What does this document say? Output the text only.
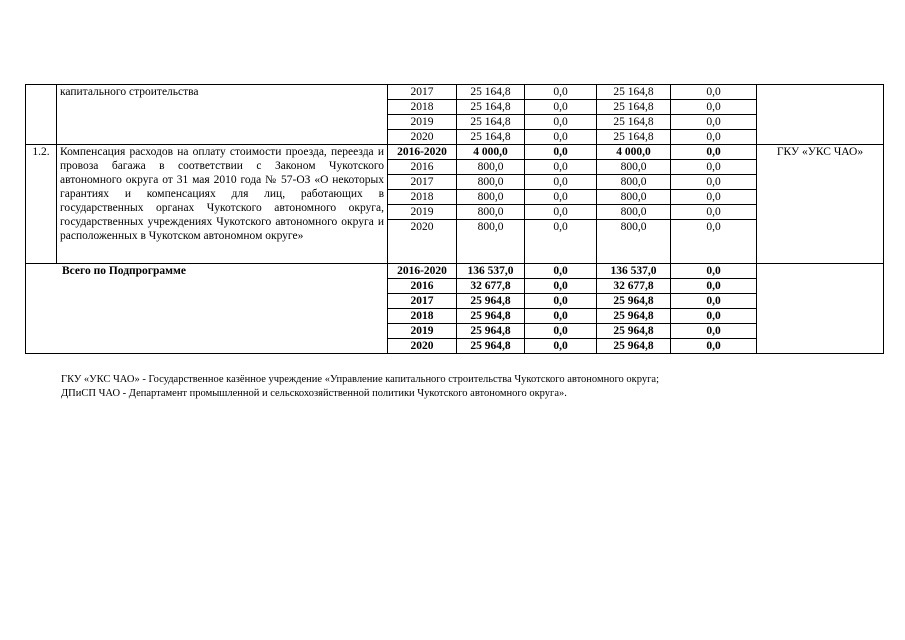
	капитального строительства	2017	25 164,8	0,0	25 164,8	0,0	
		2018	25 164,8	0,0	25 164,8	0,0	
		2019	25 164,8	0,0	25 164,8	0,0	
		2020	25 164,8	0,0	25 164,8	0,0	
1.2.	Компенсация расходов на оплату стоимости проезда, переезда и провоза багажа в соответствии с Законом Чукотского автономного округа от 31 мая 2010 года № 57-ОЗ «О некоторых гарантиях и компенсациях для лиц, работающих в государственных органах Чукотского автономного округа, государственных учреждениях Чукотского автономного округа и расположенных в Чукотском автономном округе»	2016-2020	4 000,0	0,0	4 000,0	0,0	ГКУ «УКС ЧАО»
		2016	800,0	0,0	800,0	0,0	
		2017	800,0	0,0	800,0	0,0	
		2018	800,0	0,0	800,0	0,0	
		2019	800,0	0,0	800,0	0,0	
		2020	800,0	0,0	800,0	0,0	
Всего по Подпрограмме		2016-2020	136 537,0	0,0	136 537,0	0,0	
		2016	32 677,8	0,0	32 677,8	0,0	
		2017	25 964,8	0,0	25 964,8	0,0	
		2018	25 964,8	0,0	25 964,8	0,0	
		2019	25 964,8	0,0	25 964,8	0,0	
		2020	25 964,8	0,0	25 964,8	0,0	
ГКУ «УКС ЧАО» - Государственное казённое учреждение «Управление капитального строительства Чукотского автономного округа;
ДПиСП ЧАО - Департамент промышленной и сельскохозяйственной политики Чукотского автономного округа».
